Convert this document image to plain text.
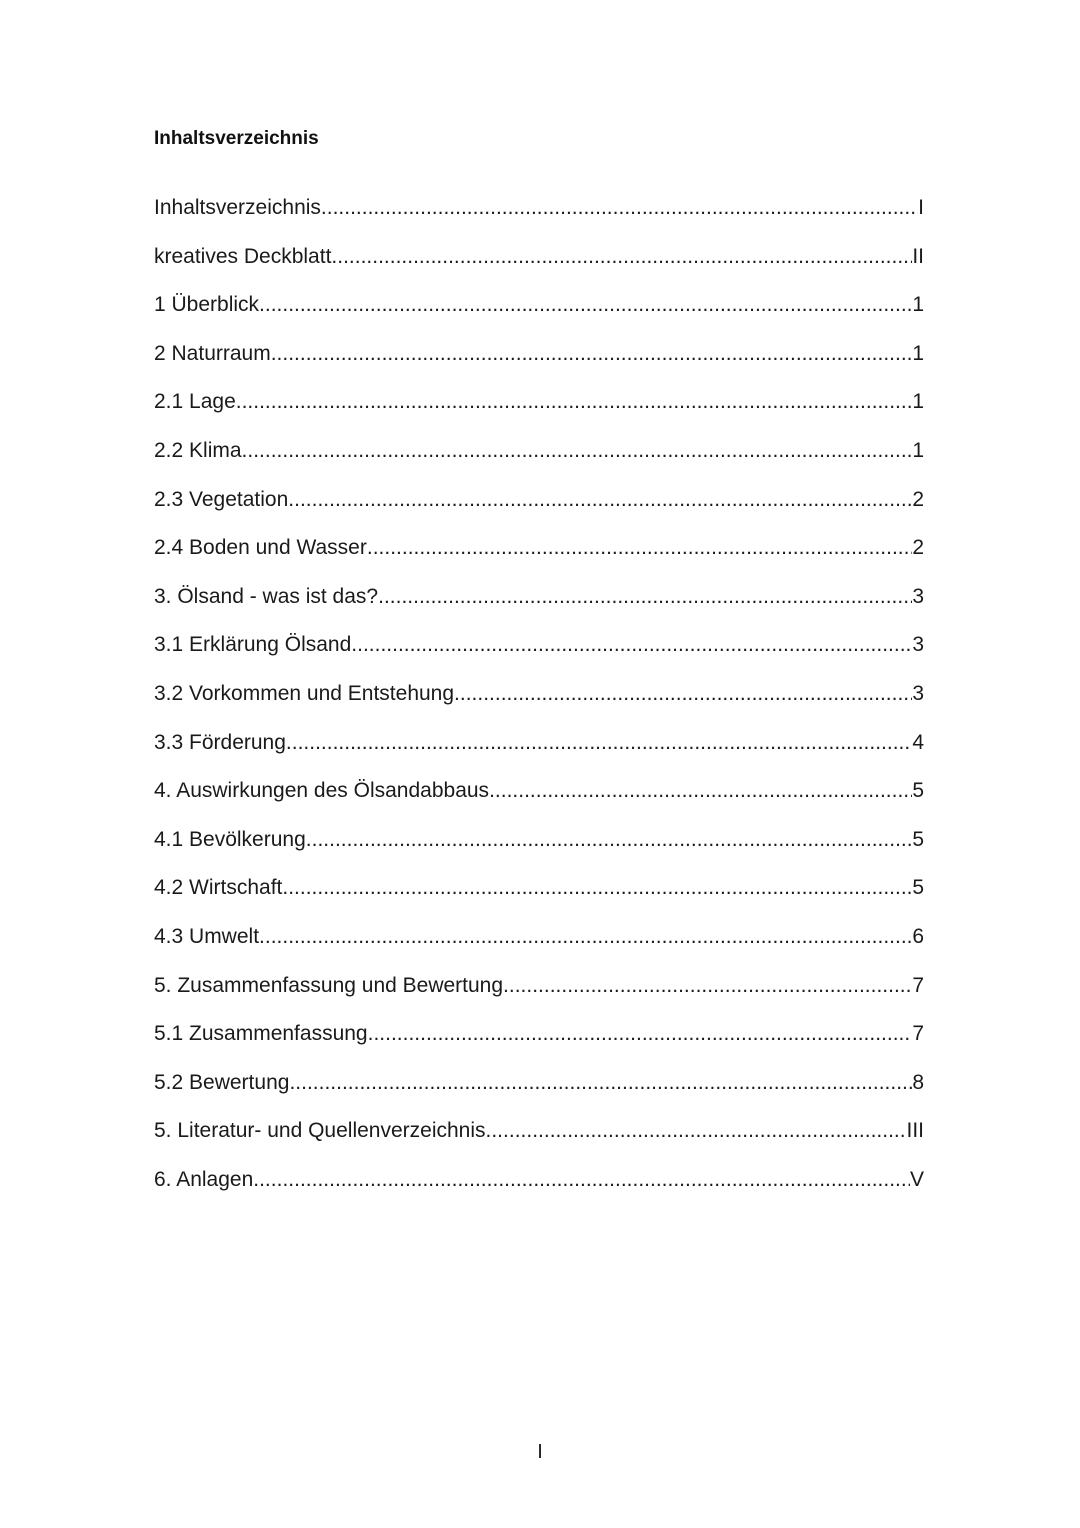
Inhaltsverzeichnis
Inhaltsverzeichnis .....	I
kreatives Deckblatt .....	II
1 Überblick .....	1
2 Naturraum .....	1
2.1 Lage .....	1
2.2 Klima .....	1
2.3 Vegetation .....	2
2.4 Boden und Wasser .....	2
3. Ölsand - was ist das? .....	3
3.1 Erklärung Ölsand .....	3
3.2 Vorkommen und Entstehung .....	3
3.3 Förderung .....	4
4. Auswirkungen des Ölsandabbaus .....	5
4.1 Bevölkerung .....	5
4.2 Wirtschaft .....	5
4.3 Umwelt .....	6
5. Zusammenfassung und Bewertung .....	7
5.1 Zusammenfassung .....	7
5.2 Bewertung .....	8
5. Literatur- und Quellenverzeichnis .....	III
6. Anlagen .....	V
I
